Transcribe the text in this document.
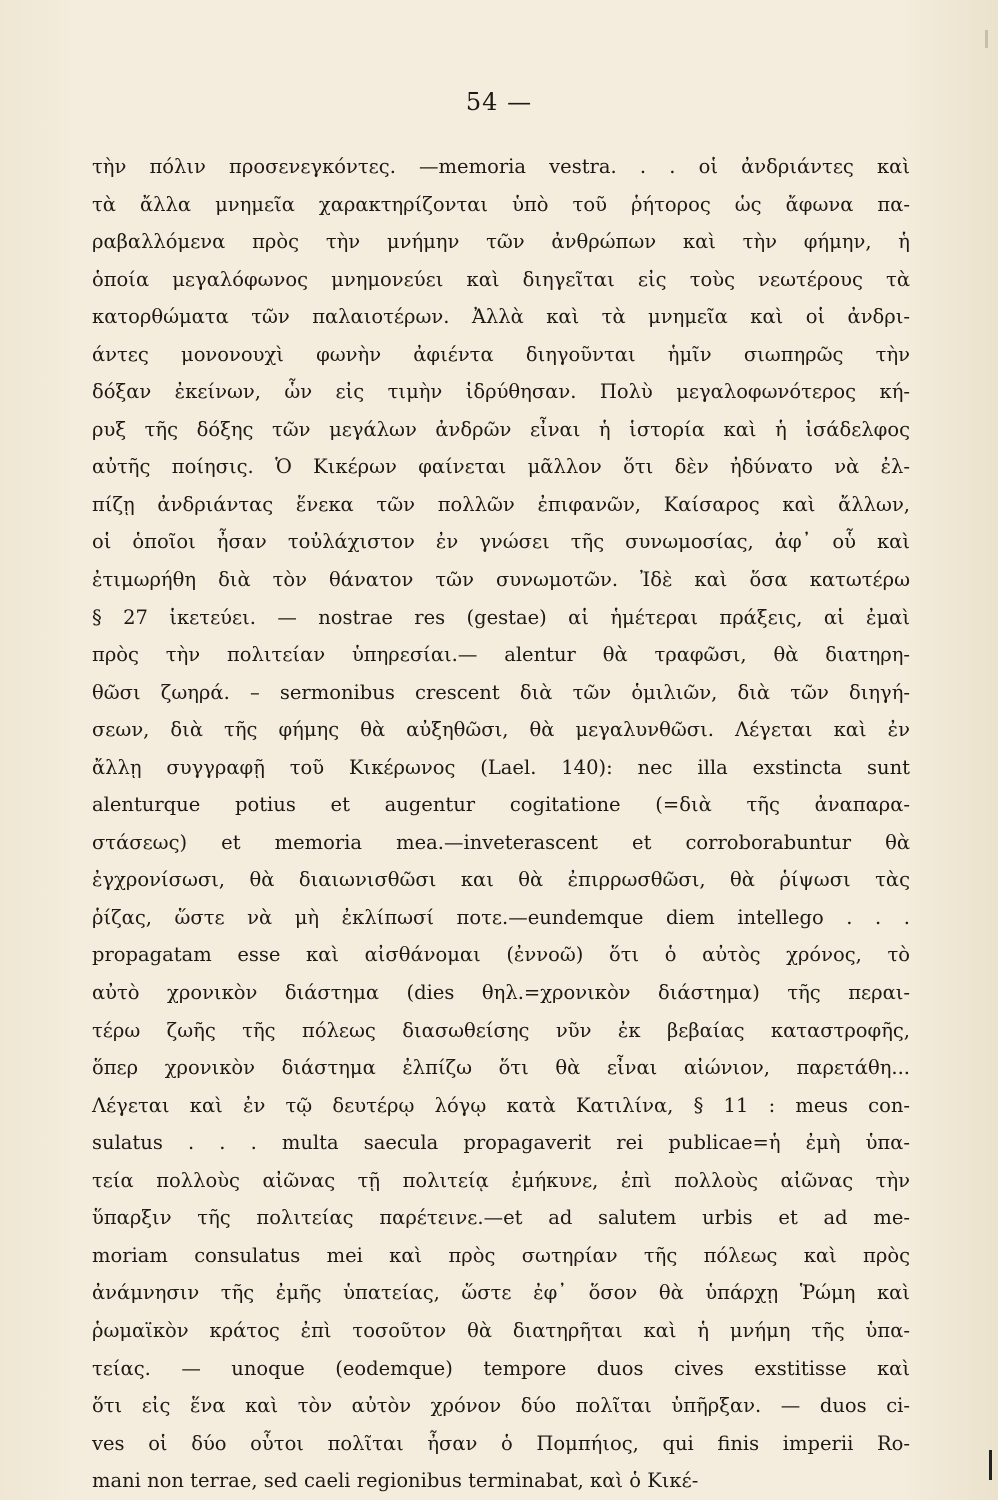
54 —
τὴν πόλιν προσενεγκόντες. —memoria vestra. . . οἱ ἀνδριάντες καὶ
τὰ ἄλλα μνημεῖα χαρακτηρίζονται ὑπὸ τοῦ ῥήτορος ὡς ἄφωνα πα-
ραβαλλόμενα πρὸς τὴν μνήμην τῶν ἀνθρώπων καὶ τὴν φήμην, ἡ
ὁποία μεγαλόφωνος μνημονεύει καὶ διηγεῖται εἰς τοὺς νεωτέρους τὰ
κατορθώματα τῶν παλαιοτέρων. Ἀλλὰ καὶ τὰ μνημεῖα καὶ οἱ ἀνδρι-
άντες μονονουχὶ φωνὴν ἀφιέντα διηγοῦνται ἡμῖν σιωπηρῶς τὴν
δόξαν ἐκείνων, ὧν εἰς τιμὴν ἱδρύθησαν. Πολὺ μεγαλοφωνότερος κή-
ρυξ τῆς δόξης τῶν μεγάλων ἀνδρῶν εἶναι ἡ ἱστορία καὶ ἡ ἰσάδελφος
αὐτῆς ποίησις. Ὁ Κικέρων φαίνεται μᾶλλον ὅτι δὲν ἠδύνατο νὰ ἐλ-
πίζῃ ἀνδριάντας ἕνεκα τῶν πολλῶν ἐπιφανῶν, Καίσαρος καὶ ἄλλων,
οἱ ὁποῖοι ἦσαν τοὐλάχιστον ἐν γνώσει τῆς συνωμοσίας, ἀφ᾽ οὗ καὶ
ἐτιμωρήθη διὰ τὸν θάνατον τῶν συνωμοτῶν. Ἰδὲ καὶ ὅσα κατωτέρω
§ 27 ἱκετεύει. — nostrae res (gestae) αἱ ἡμέτεραι πράξεις, αἱ ἐμαὶ
πρὸς τὴν πολιτείαν ὑπηρεσίαι.— alentur θὰ τραφῶσι, θὰ διατηρη-
θῶσι ζωηρά. – sermonibus crescent διὰ τῶν ὁμιλιῶν, διὰ τῶν διηγή-
σεων, διὰ τῆς φήμης θὰ αὐξηθῶσι, θὰ μεγαλυνθῶσι. Λέγεται καὶ ἐν
ἄλλῃ συγγραφῇ τοῦ Κικέρωνος (Lael. 140): nec illa exstincta sunt
alenturque potius et augentur cogitatione (=διὰ τῆς ἀναπαρα-
στάσεως) et memoria mea.—inveterascent et corroborabuntur θὰ
ἐγχρονίσωσι, θὰ διαιωνισθῶσι και θὰ ἐπιρρωσθῶσι, θὰ ῥίψωσι τὰς
ῥίζας, ὥστε νὰ μὴ ἐκλίπωσί ποτε.—eundemque diem intellego . . .
propagatam esse καὶ αἰσθάνομαι (ἐννοῶ) ὅτι ὁ αὐτὸς χρόνος, τὸ
αὐτὸ χρονικὸν διάστημα (dies θηλ.=χρονικὸν διάστημα) τῆς περαι-
τέρω ζωῆς τῆς πόλεως διασωθείσης νῦν ἐκ βεβαίας καταστροφῆς,
ὅπερ χρονικὸν διάστημα ἐλπίζω ὅτι θὰ εἶναι αἰώνιον, παρετάθη...
Λέγεται καὶ ἐν τῷ δευτέρῳ λόγῳ κατὰ Κατιλίνα, § 11 : meus con-
sulatus . . . multa saecula propagaverit rei publicae=ἡ ἐμὴ ὑπα-
τεία πολλοὺς αἰῶνας τῇ πολιτείᾳ ἐμήκυνε, ἐπὶ πολλοὺς αἰῶνας τὴν
ὕπαρξιν τῆς πολιτείας παρέτεινε.—et ad salutem urbis et ad me-
moriam consulatus mei καὶ πρὸς σωτηρίαν τῆς πόλεως καὶ πρὸς
ἀνάμνησιν τῆς ἐμῆς ὑπατείας, ὥστε ἐφ᾽ ὅσον θὰ ὑπάρχῃ Ῥώμη καὶ
ῥωμαϊκὸν κράτος ἐπὶ τοσοῦτον θὰ διατηρῆται καὶ ἡ μνήμη τῆς ὑπα-
τείας. — unoque (eodemque) tempore duos cives exstitisse καὶ
ὅτι εἰς ἕνα καὶ τὸν αὐτὸν χρόνον δύο πολῖται ὑπῆρξαν. — duos ci-
ves οἱ δύο οὗτοι πολῖται ἦσαν ὁ Πομπήιος, qui finis imperii Ro-
mani non terrae, sed caeli regionibus terminabat, καὶ ὁ Κικέ-
